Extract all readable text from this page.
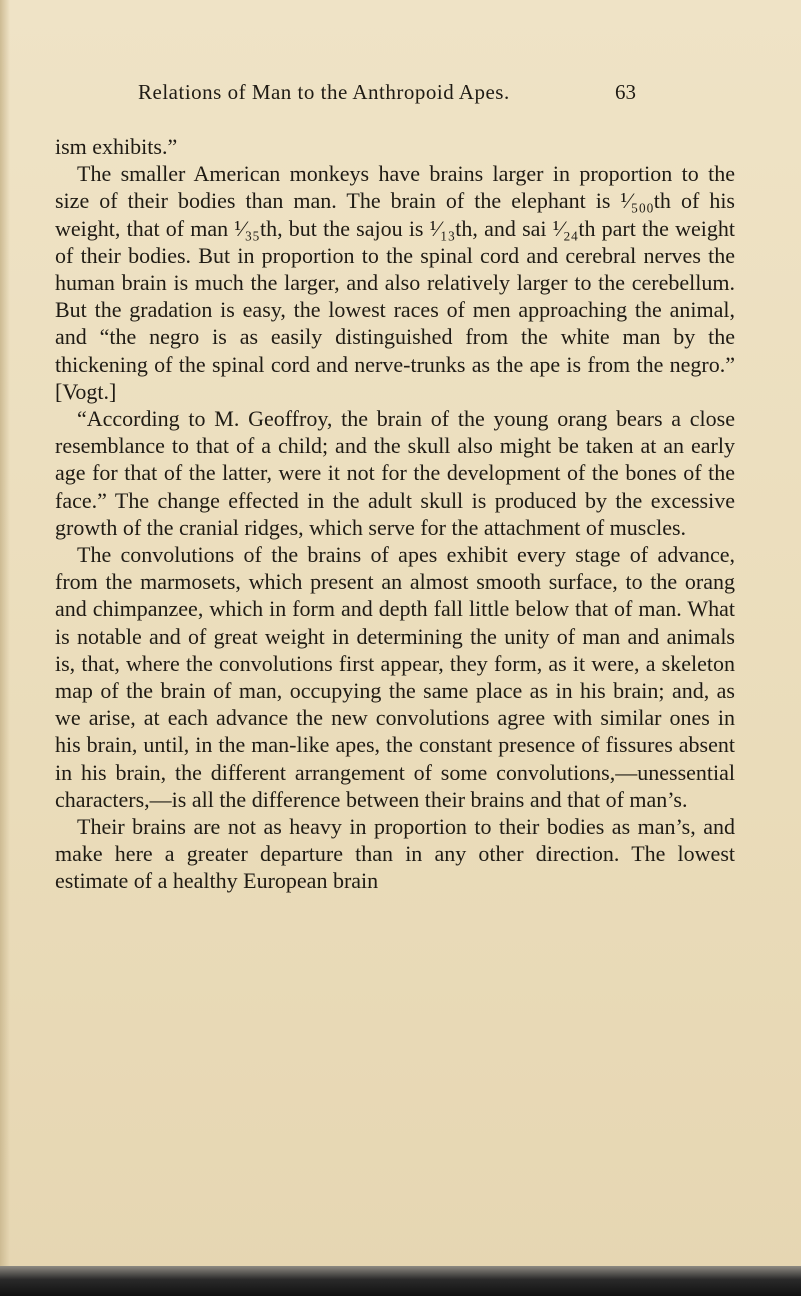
Relations of Man to the Anthropoid Apes.	63

ism exhibits.”

The smaller American monkeys have brains larger in proportion to the size of their bodies than man. The brain of the elephant is ¹⁄₅₀₀th of his weight, that of man ¹⁄₃₅th, but the sajou is ¹⁄₁₃th, and sai ¹⁄₂₄th part the weight of their bodies. But in proportion to the spinal cord and cerebral nerves the human brain is much the larger, and also relatively larger to the cerebellum. But the gradation is easy, the lowest races of men approaching the animal, and “the negro is as easily distinguished from the white man by the thickening of the spinal cord and nerve-trunks as the ape is from the negro.” [Vogt.]

“According to M. Geoffroy, the brain of the young orang bears a close resemblance to that of a child; and the skull also might be taken at an early age for that of the latter, were it not for the development of the bones of the face.” The change effected in the adult skull is produced by the excessive growth of the cranial ridges, which serve for the attachment of muscles.

The convolutions of the brains of apes exhibit every stage of advance, from the marmosets, which present an almost smooth surface, to the orang and chimpanzee, which in form and depth fall little below that of man. What is notable and of great weight in determining the unity of man and animals is, that, where the convolutions first appear, they form, as it were, a skeleton map of the brain of man, occupying the same place as in his brain; and, as we arise, at each advance the new convolutions agree with similar ones in his brain, until, in the man-like apes, the constant presence of fissures absent in his brain, the different arrangement of some convolutions,—unessential characters,—is all the difference between their brains and that of man’s.

Their brains are not as heavy in proportion to their bodies as man’s, and make here a greater departure than in any other direction. The lowest estimate of a healthy European brain
